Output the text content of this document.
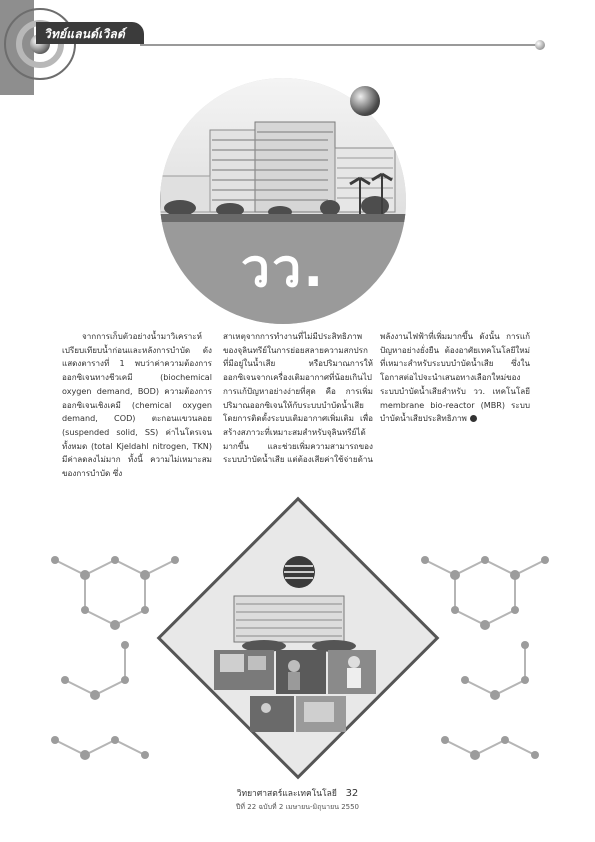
วิทย์แลนด์เวิลด์
วว.

จากการเก็บตัวอย่างน้ำมาวิเคราะห์เปรียบเทียบน้ำก่อนและหลังการบำบัด ดังแสดงตารางที่ 1 พบว่าค่าความต้องการออกซิเจนทางชีวเคมี (biochemical oxygen demand, BOD) ความต้องการออกซิเจนเชิงเคมี (chemical oxygen demand, COD) ตะกอนแขวนลอย (suspended solid, SS) ค่าไนโตรเจนทั้งหมด (total Kjeldahl nitrogen, TKN) มีค่าลดลงไม่มาก ทั้งนี้ ความไม่เหมาะสมของการบำบัด ซึ่ง

สาเหตุจากการทำงานที่ไม่มีประสิทธิภาพของจุลินทรีย์ในการย่อยสลายความสกปรกที่มีอยู่ในน้ำเสีย หรือปริมาณการให้ออกซิเจนจากเครื่องเติมอากาศที่น้อยเกินไป การแก้ปัญหาอย่างง่ายที่สุด คือ การเพิ่มปริมาณออกซิเจนให้กับระบบบำบัดน้ำเสีย โดยการติดตั้งระบบเติมอากาศเพิ่มเติม เพื่อสร้างสภาวะที่เหมาะสมสำหรับจุลินทรีย์ได้มากขึ้น และช่วยเพิ่มความสามารถของระบบบำบัดน้ำเสีย แต่ต้องเสียค่าใช้จ่ายด้าน

พลังงานไฟฟ้าที่เพิ่มมากขึ้น ดังนั้น การแก้ปัญหาอย่างยั่งยืน ต้องอาศัยเทคโนโลยีใหม่ที่เหมาะสำหรับระบบบำบัดน้ำเสีย ซึ่งในโอกาสต่อไปจะนำเสนอทางเลือกใหม่ของระบบบำบัดน้ำเสียสำหรับ วว. เทคโนโลยี membrane bio-reactor (MBR) ระบบบำบัดน้ำเสียประสิทธิภาพ

วิทยาศาสตร์และเทคโนโลยี 32
ปีที่ 22 ฉบับที่ 2 เมษายน-มิถุนายน 2550
